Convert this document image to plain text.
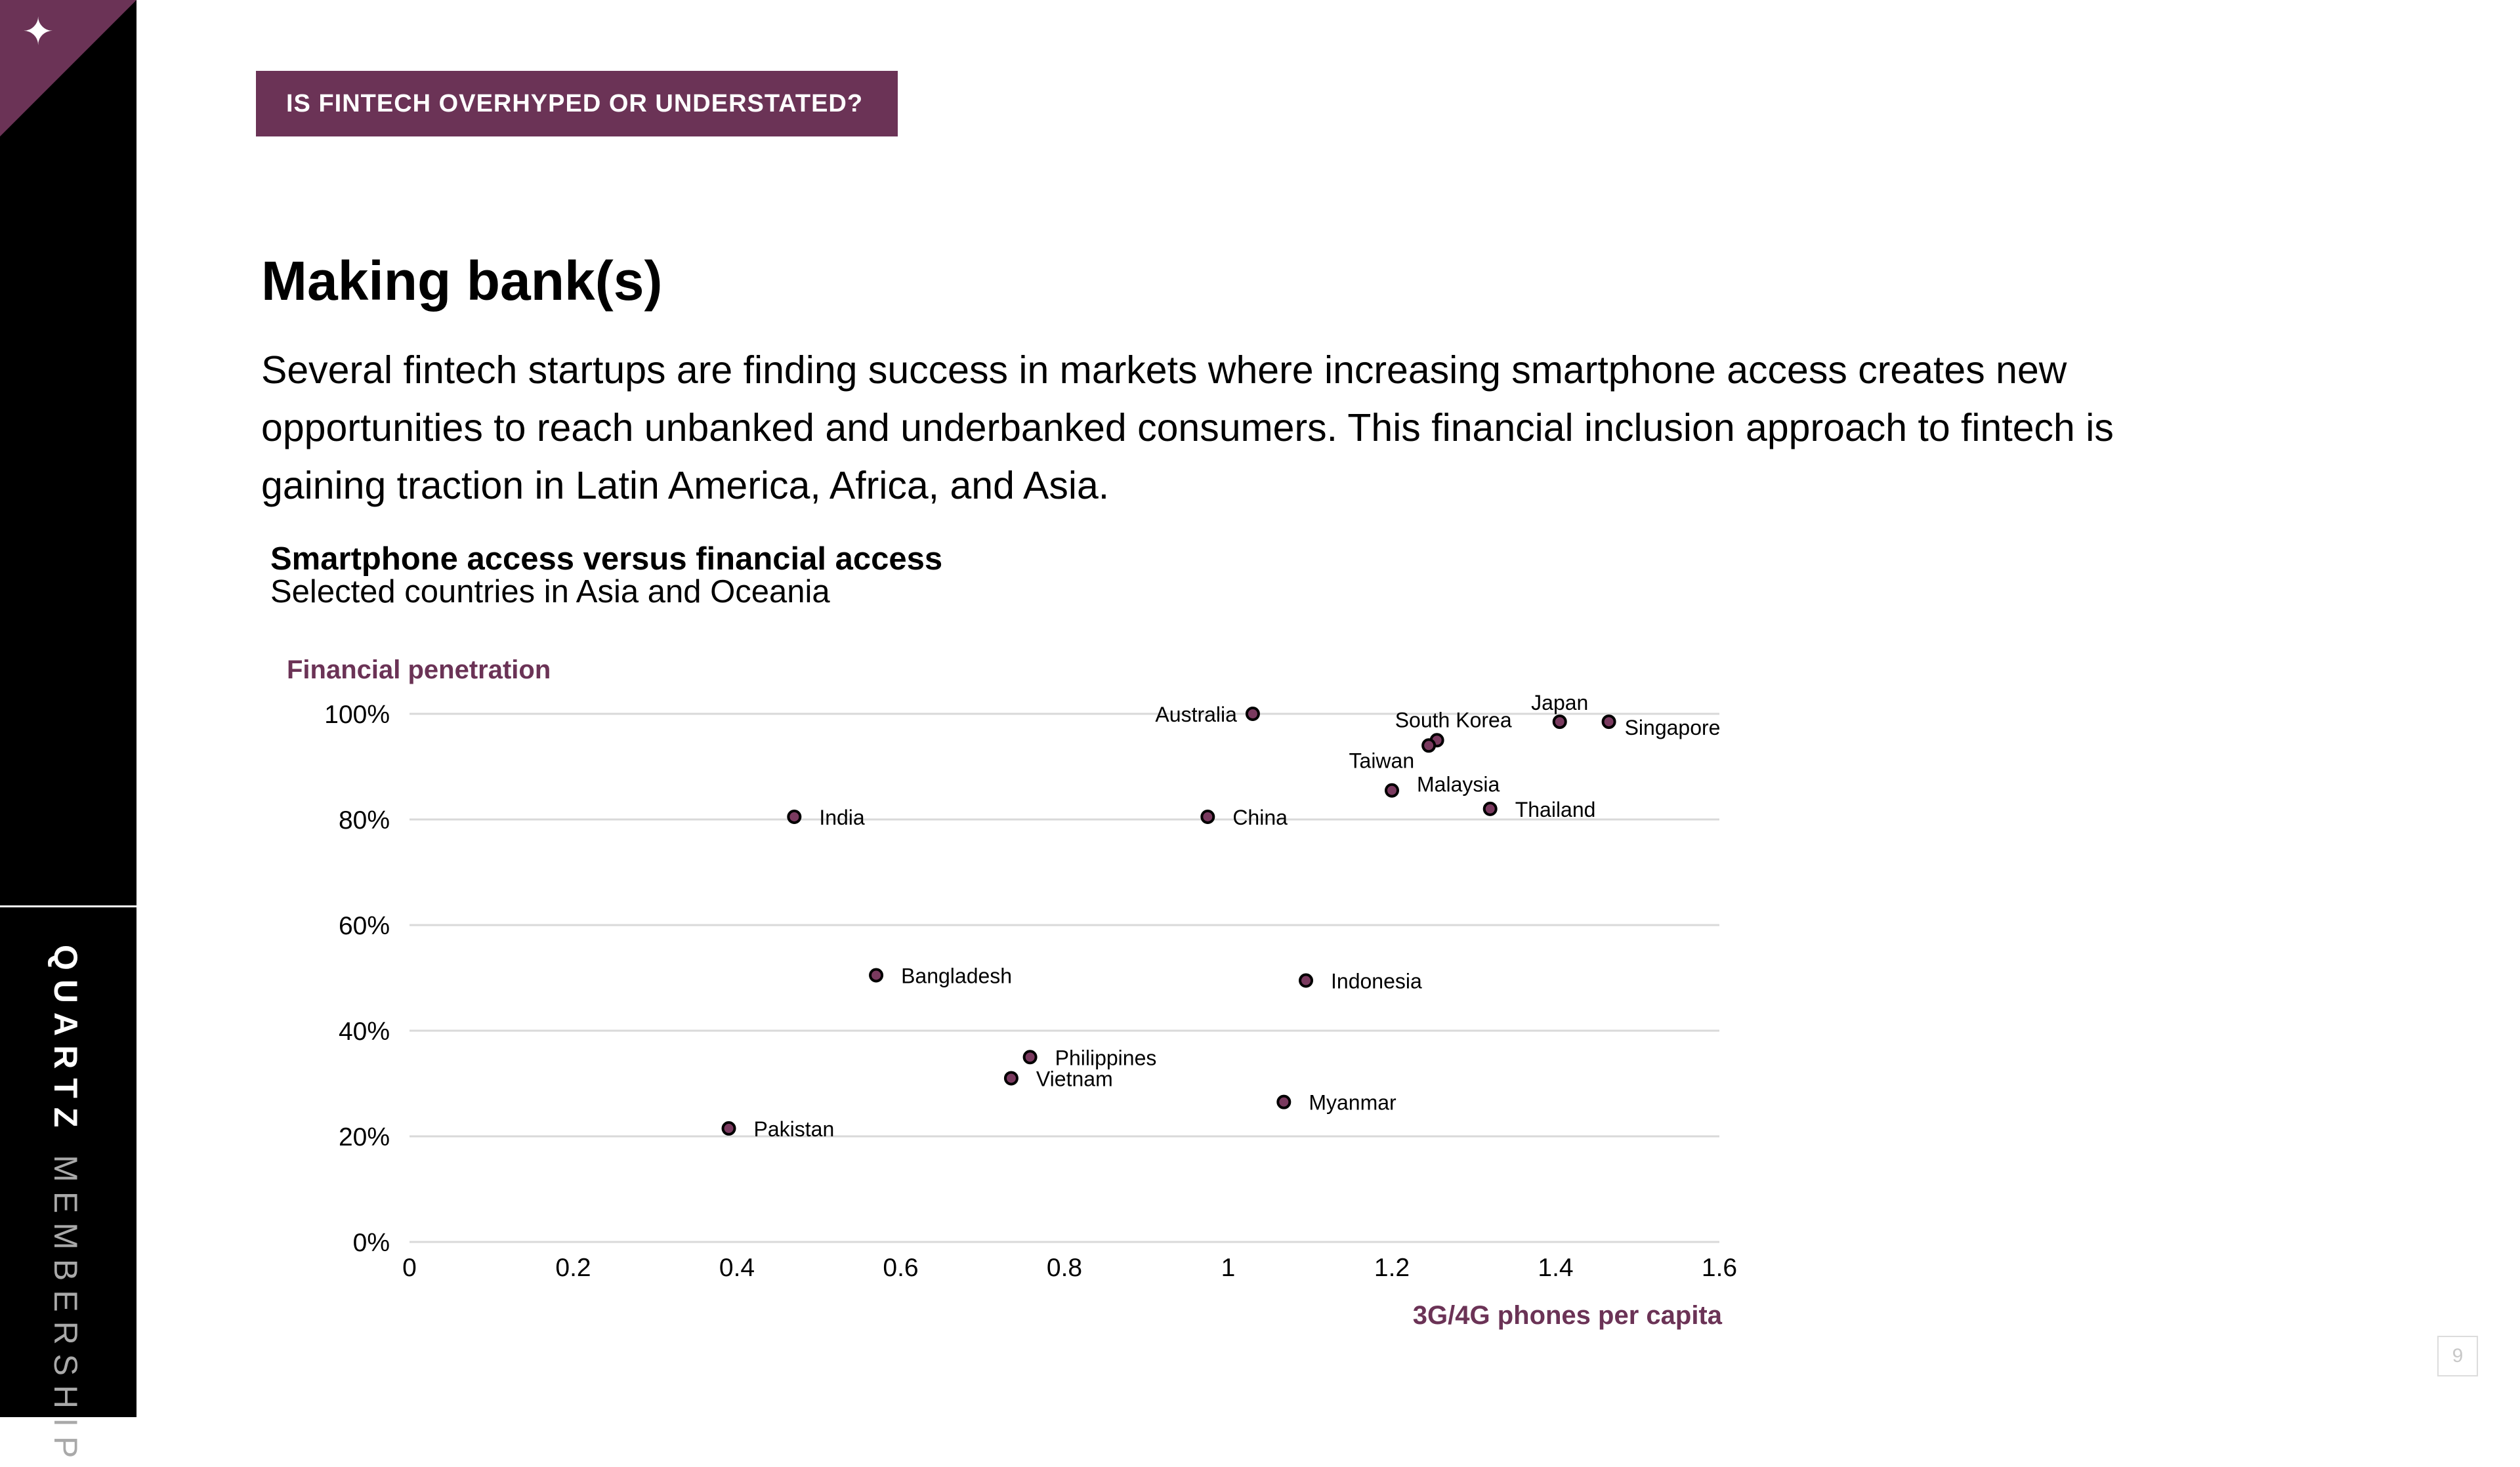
✦
QUARTZ MEMBERSHIP
IS FINTECH OVERHYPED OR UNDERSTATED?
Making bank(s)
Several fintech startups are finding success in markets where increasing smartphone access creates new opportunities to reach unbanked and underbanked consumers. This financial inclusion approach to fintech is gaining traction in Latin America, Africa, and Asia.
Smartphone access versus financial access
Selected countries in Asia and Oceania
0%
20%
40%
60%
80%
100%
0	0.2	0.4	0.6	0.8	1	1.2	1.4	1.6
Financial penetration
3G/4G phones per capita
Australia	South Korea
Taiwan
Japan
Singapore
Malaysia
Thailand
India	China
Bangladesh	Indonesia
Philippines
Vietnam
Myanmar
Pakistan
9
